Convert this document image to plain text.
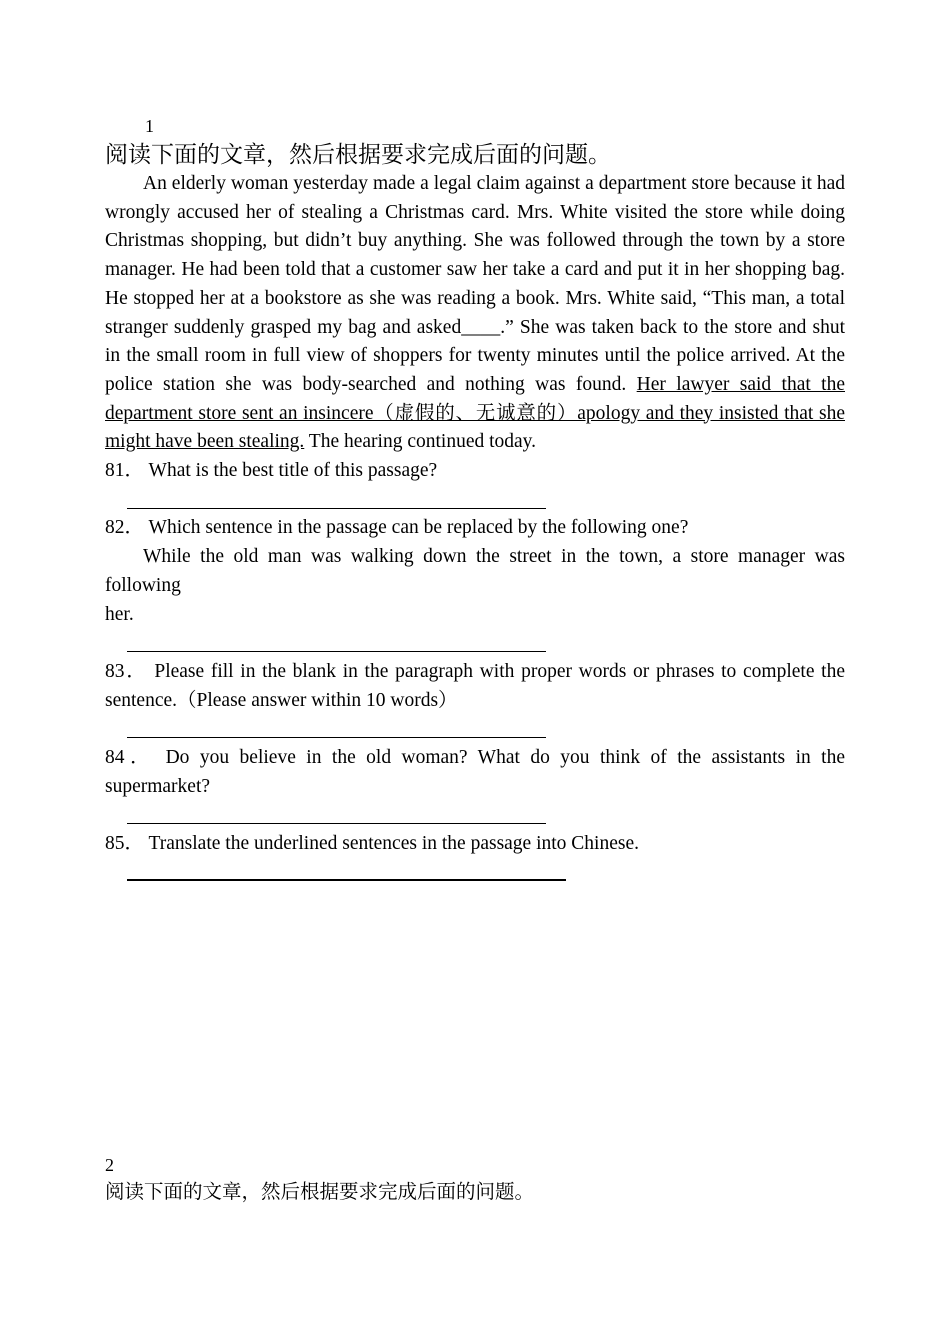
1
阅读下面的文章，然后根据要求完成后面的问题。

An elderly woman yesterday made a legal claim against a department store because it had wrongly accused her of stealing a Christmas card. Mrs. White visited the store while doing Christmas shopping, but didn’t buy anything. She was followed through the town by a store manager. He had been told that a customer saw her take a card and put it in her shopping bag. He stopped her at a bookstore as she was reading a book. Mrs. White said, “This man, a total stranger suddenly grasped my bag and asked____.” She was taken back to the store and shut in the small room in full view of shoppers for twenty minutes until the police arrived. At the police station she was body-searched and nothing was found. Her lawyer said that the department store sent an insincere（虚假的、无诚意的）apology and they insisted that she might have been stealing. The hearing continued today.

81． What is the best title of this passage?

82． Which sentence in the passage can be replaced by the following one?

While the old man was walking down the street in the town, a store manager was following

her.

83． Please fill in the blank in the paragraph with proper words or phrases to complete the sentence.（Please answer within 10 words）

84． Do you believe in the old woman? What do you think of the assistants in the supermarket?

85． Translate the underlined sentences in the passage into Chinese.

2
阅读下面的文章，然后根据要求完成后面的问题。
